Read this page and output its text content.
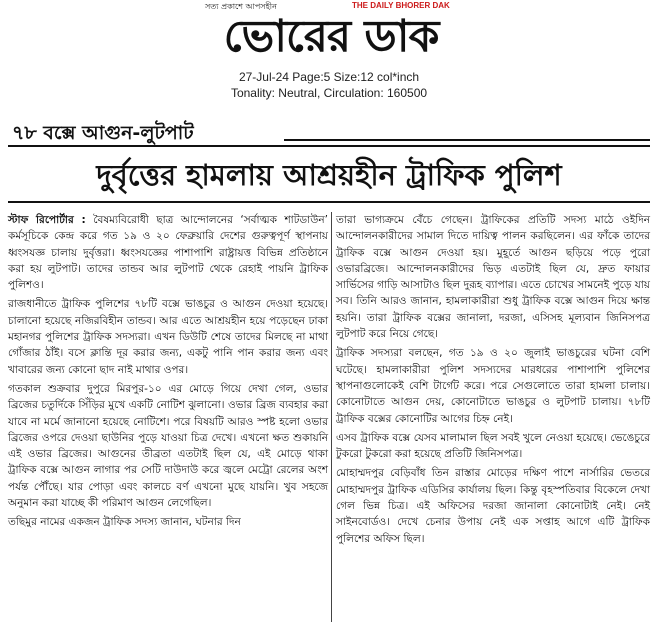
সত্য প্রকাশে আপসহীন	THE DAILY BHORER DAK
ভোরের ডাক
27-Jul-24 Page:5 Size:12 col*inch
Tonality: Neutral, Circulation: 160500
৭৮ বক্সে আগুন-লুটপাট
দুর্বৃত্তের হামলায় আশ্রয়হীন ট্রাফিক পুলিশ

স্টাফ রিপোর্টার : বৈষম্যবিরোধী ছাত্র আন্দোলনের ‘সর্বাত্মক শাটডাউন’ কর্মসূচিকে কেন্দ্র করে গত ১৯ ও ২০ ফেব্রুয়ারি দেশের গুরুত্বপূর্ণ স্থাপনায় ধ্বংসযজ্ঞ চালায় দুর্বৃত্তরা। ধ্বংসযজ্ঞের পাশাপাশি রাষ্ট্রায়ত্ত বিভিন্ন প্রতিষ্ঠানে করা হয় লুটপাট। তাদের তান্ডব আর লুটপাট থেকে রেহাই পায়নি ট্রাফিক পুলিশও।

রাজধানীতে ট্রাফিক পুলিশের ৭৮টি বক্সে ভাঙচুর ও আগুন দেওয়া হয়েছে। চালানো হয়েছে নজিরবিহীন তান্ডব। আর এতে আশ্রয়হীন হয়ে পড়েছেন ঢাকা মহানগর পুলিশের ট্রাফিক সদস্যরা। এখন ডিউটি শেষে তাদের মিলছে না মাথা গোঁজার ঠাঁই। বসে ক্লান্তি দূর করার জন্য, একটু পানি পান করার জন্য এবং খাবারের জন্য কোনো ছাদ নাই মাথার ওপর।

গতকাল শুক্রবার দুপুরে মিরপুর-১০ এর মোড়ে গিয়ে দেখা গেল, ওভার ব্রিজের চতুর্দিকে সিঁড়ির মুখে একটি নোটিশ ঝুলানো। ওভার ব্রিজ ব্যবহার করা যাবে না মর্মে জানানো হয়েছে নোটিশে। পরে বিষয়টি আরও স্পষ্ট হলো ওভার ব্রিজের ওপরে দেওয়া ছাউনির পুড়ে যাওয়া চিত্র দেখে। এখনো ক্ষত শুকায়নি এই ওভার ব্রিজের। আগুনের তীব্রতা এতটাই ছিল যে, এই মোড়ে থাকা ট্রাফিক বক্সে আগুন লাগার পর সেটি দাউদাউ করে জ্বলে মেট্রো রেলের অংশ পর্যন্ত পৌঁছে। যার পোড়া এবং কালচে বর্ণ এখনো মুছে যায়নি। খুব সহজে অনুমান করা যাচ্ছে কী পরিমাণ আগুন লেগেছিল।

তছিমুর নামের একজন ট্রাফিক সদস্য জানান, ঘটনার দিন

তারা ভাগ্যক্রমে বেঁচে গেছেন। ট্রাফিকের প্রতিটি সদস্য মাঠে ওইদিন আন্দোলনকারীদের সামাল দিতে দায়িত্ব পালন করছিলেন। এর ফাঁকে তাদের ট্রাফিক বক্সে আগুন দেওয়া হয়। মুহূর্তে আগুন ছড়িয়ে পড়ে পুরো ওভারব্রিজে। আন্দোলনকারীদের ভিড় এতটাই ছিল যে, দ্রুত ফায়ার সার্ভিসের গাড়ি আসাটাও ছিল দুরূহ ব্যাপার। এতে চোখের সামনেই পুড়ে যায় সব। তিনি আরও জানান, হামলাকারীরা শুধু ট্রাফিক বক্সে আগুন দিয়ে ক্ষান্ত হয়নি। তারা ট্রাফিক বক্সের জানালা, দরজা, এসিসহ মূল্যবান জিনিসপত্র লুটপাট করে নিয়ে গেছে।

ট্রাফিক সদস্যরা বলছেন, গত ১৯ ও ২০ জুলাই ভাঙচুরের ঘটনা বেশি ঘটেছে। হামলাকারীরা পুলিশ সদস্যদের মারধরের পাশাপাশি পুলিশের স্থাপনাগুলোকেই বেশি টার্গেট করে। পরে সেগুলোতে তারা হামলা চালায়। কোনোটাতে আগুন দেয়, কোনোটাতে ভাঙচুর ও লুটপাট চালায়। ৭৮টি ট্রাফিক বক্সের কোনোটির আগের চিহ্ন নেই।

এসব ট্রাফিক বক্সে যেসব মালামাল ছিল সবই খুলে নেওয়া হয়েছে। ভেঙেচুরে টুকরো টুকরো করা হয়েছে প্রতিটি জিনিসপত্র।

মোহাম্মদপুর বেড়িবাঁধ তিন রাস্তার মোড়ের দক্ষিণ পাশে নার্সারির ভেতরে মোহাম্মদপুর ট্রাফিক এডিসির কার্যালয় ছিল। কিন্তু বৃহস্পতিবার বিকেলে দেখা গেল ভিন্ন চিত্র। এই অফিসের দরজা জানালা কোনোটাই নেই। নেই সাইনবোর্ডও। দেখে চেনার উপায় নেই এক সপ্তাহ আগে এটি ট্রাফিক পুলিশের অফিস ছিল।
